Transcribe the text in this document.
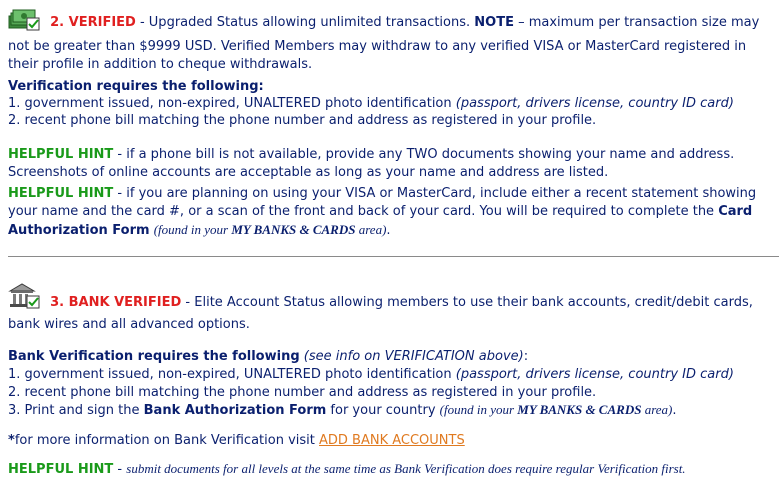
2. VERIFIED - Upgraded Status allowing unlimited transactions. NOTE – maximum per transaction size may not be greater than $9999 USD. Verified Members may withdraw to any verified VISA or MasterCard registered in their profile in addition to cheque withdrawals.

Verification requires the following:

1. government issued, non-expired, UNALTERED photo identification (passport, drivers license, country ID card)

2. recent phone bill matching the phone number and address as registered in your profile.

HELPFUL HINT - if a phone bill is not available, provide any TWO documents showing your name and address. Screenshots of online accounts are acceptable as long as your name and address are listed.

HELPFUL HINT - if you are planning on using your VISA or MasterCard, include either a recent statement showing your name and the card #, or a scan of the front and back of your card. You will be required to complete the Card Authorization Form (found in your MY BANKS & CARDS area).

3. BANK VERIFIED - Elite Account Status allowing members to use their bank accounts, credit/debit cards, bank wires and all advanced options.

Bank Verification requires the following (see info on VERIFICATION above):

1. government issued, non-expired, UNALTERED photo identification (passport, drivers license, country ID card)

2. recent phone bill matching the phone number and address as registered in your profile.

3. Print and sign the Bank Authorization Form for your country (found in your MY BANKS & CARDS area).

*for more information on Bank Verification visit ADD BANK ACCOUNTS

HELPFUL HINT - submit documents for all levels at the same time as Bank Verification does require regular Verification first.
